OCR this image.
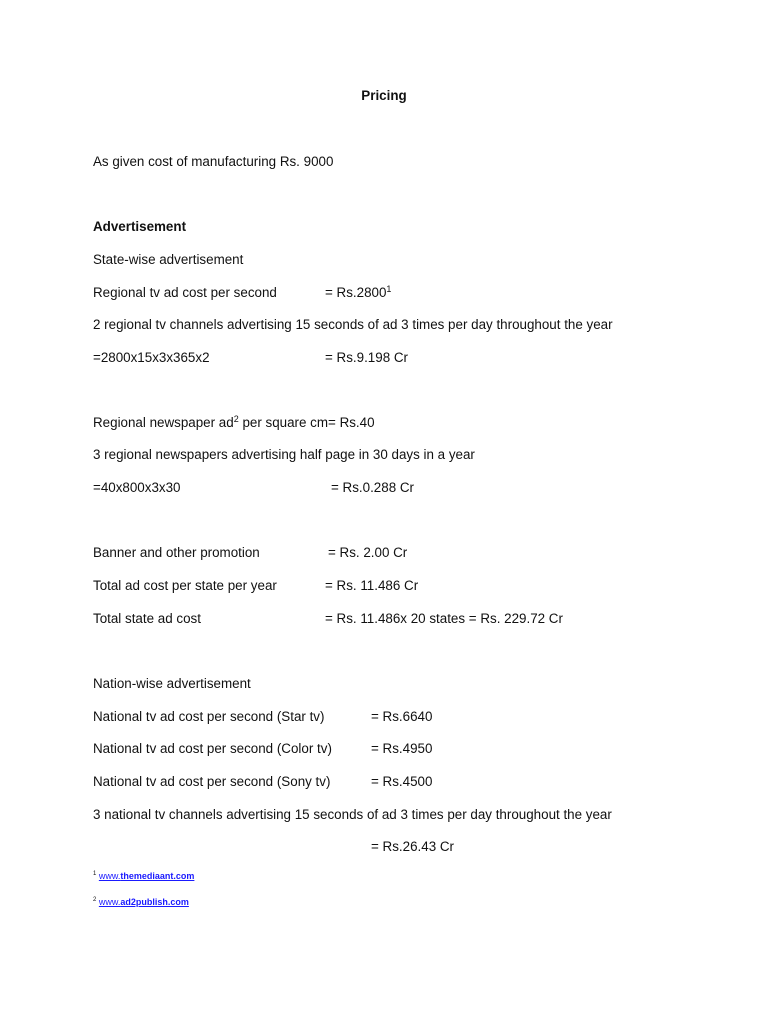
Pricing
As given cost of manufacturing Rs. 9000
Advertisement
State-wise advertisement
Regional tv ad cost per second	= $Rs.2800^1$
2 regional tv channels advertising 15 seconds of ad 3 times per day throughout the year
=2800x15x3x365x2	= Rs.9.198 Cr
Regional newspaper $ad^2$ per square cm= Rs.40
3 regional newspapers advertising half page in 30 days in a year
=40x800x3x30	= Rs.0.288 Cr
Banner and other promotion	= Rs. 2.00 Cr
Total ad cost per state per year	= Rs. 11.486 Cr
Total state ad cost	= Rs. 11.486x 20 states = Rs. 229.72 Cr
Nation-wise advertisement
National tv ad cost per second (Star tv)	= Rs.6640
National tv ad cost per second (Color tv)	= Rs.4950
National tv ad cost per second (Sony tv)	= Rs.4500
3 national tv channels advertising 15 seconds of ad 3 times per day throughout the year
= Rs.26.43 Cr
$^1$ www.themediaant.com
$^2$ www.ad2publish.com
